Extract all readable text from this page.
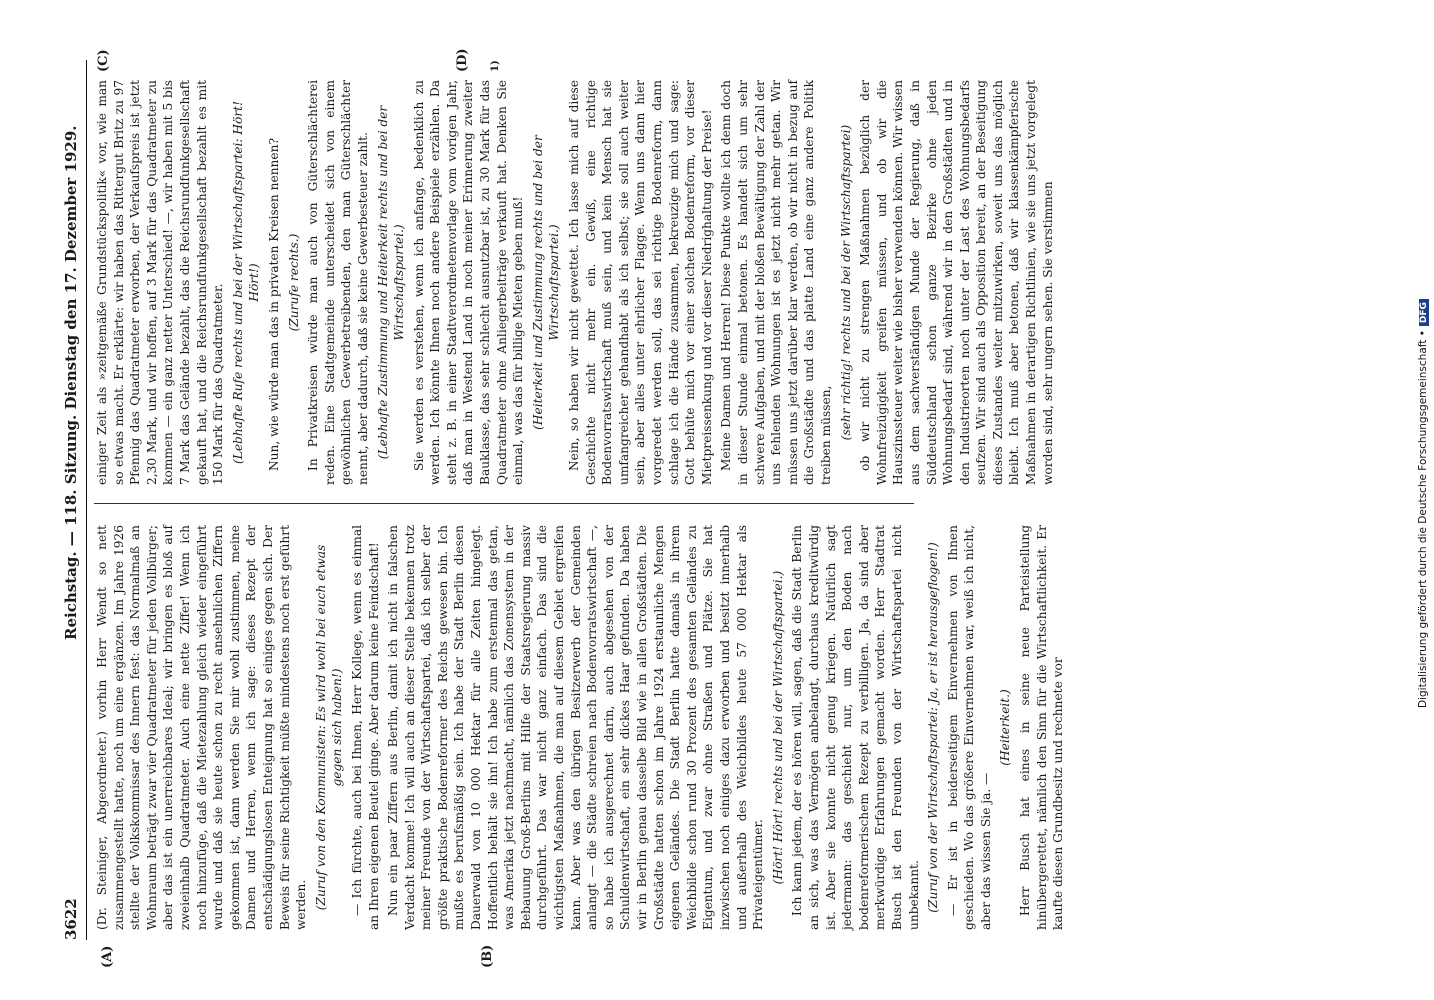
3622
Reichstag. — 118. Sitzung. Dienstag den 17. Dezember 1929.

(Dr. Steiniger, Abgeordneter.) vorhin Herr Wendt so nett zusammengestellt hatte, noch um eine ergänzen. Im Jahre 1926 stellte der Volkskommissar des Innern fest: das Normalmaß an Wohnraum beträgt zwar vier Quadratmeter für jeden Vollbürger; aber das ist ein unerreichbares Ideal; wir bringen es bloß auf zweieinhalb Quadratmeter. Auch eine nette Ziffer! Wenn ich noch hinzufüge, daß die Mietezahlung gleich wieder eingeführt wurde und daß sie heute schon zu recht ansehnlichen Ziffern gekommen ist, dann werden Sie mir wohl zustimmen, meine Damen und Herren, wenn ich sage: dieses Rezept der entschädigungslosen Enteignung hat so einiges gegen sich. Der Beweis für seine Richtigkeit müßte mindestens noch erst geführt werden. (Zuruf von den Kommunisten: Es wird wohl bei euch etwas gegen sich haben!) — Ich fürchte, auch bei Ihnen, Herr Kollege, wenn es einmal an Ihren eigenen Beutel ginge. Aber darum keine Feindschaft! Nun ein paar Ziffern aus Berlin, damit ich nicht in falschen Verdacht komme! Ich will auch an dieser Stelle bekennen trotz meiner Freunde von der Wirtschaftspartei, daß ich selber der größte praktische Bodenreformer des Reichs gewesen bin. Ich mußte es berufsmäßig sein. Ich habe der Stadt Berlin diesen Dauerwald von 10 000 Hektar für alle Zeiten hingelegt. Hoffentlich behält sie ihn! Ich habe zum erstenmal das getan, was Amerika jetzt nachmacht, nämlich das Zonensystem in der Bebauung Groß-Berlins mit Hilfe der Staatsregierung massiv durchgeführt. Das war nicht ganz einfach. Das sind die wichtigsten Maßnahmen, die man auf diesem Gebiet ergreifen kann. Aber was den übrigen Besitzerwerb der Gemeinden anlangt — die Städte schreien nach Bodenvorratswirtschaft —, so habe ich ausgerechnet darin, auch abgesehen von der Schuldenwirtschaft, ein sehr dickes Haar gefunden. Da haben wir in Berlin genau dasselbe Bild wie in allen Großstädten. Die Großstädte hatten schon im Jahre 1924 erstaunliche Mengen eigenen Geländes. Die Stadt Berlin hatte damals in ihrem Weichbilde schon rund 30 Prozent des gesamten Geländes zu Eigentum, und zwar ohne Straßen und Plätze. Sie hat inzwischen noch einiges dazu erworben und besitzt innerhalb und außerhalb des Weichbildes heute 57 000 Hektar als Privateigentümer. (Hört! Hört! rechts und bei der Wirtschaftspartei.) Ich kann jedem, der es hören will, sagen, daß die Stadt Berlin an sich, was das Vermögen anbelangt, durchaus kreditwürdig ist. Aber sie konnte nicht genug kriegen. Natürlich sagt jedermann: das geschieht nur, um den Boden nach bodenreformerischem Rezept zu verbilligen. Ja, da sind aber merkwürdige Erfahrungen gemacht worden. Herr Stadtrat Busch ist den Freunden von der Wirtschaftspartei nicht unbekannt. (Zuruf von der Wirtschaftspartei: Ja, er ist herausgeflogen!) — Er ist in beiderseitigem Einvernehmen von Ihnen geschieden. Wo das größere Einvernehmen war, weiß ich nicht, aber das wissen Sie ja. —

(Heiterkeit.) Herr Busch hat eines in seine neue Parteistellung hinübergerettet, nämlich den Sinn für die Wirtschaftlichkeit. Er kaufte diesen Grundbesitz und rechnete vor

einiger Zeit als »zeitgemäße Grundstückspolitik« vor, wie man so etwas macht. Er erklärte: wir haben das Rittergut Britz zu 97 Pfennig das Quadratmeter erworben, der Verkaufspreis ist jetzt 2,30 Mark, und wir hoffen, auf 3 Mark für das Quadratmeter zu kommen — ein ganz netter Unterschied! —, wir haben mit 5 bis 7 Mark das Gelände bezahlt, das die Reichsrundfunkgesellschaft gekauft hat, und die Reichsrundfunkgesellschaft bezahlt es mit 150 Mark für das Quadratmeter. (Lebhafte Rufe rechts und bei der Wirtschaftspartei: Hört! Hört!) Nun, wie würde man das in privaten Kreisen nennen? (Zurufe rechts.) In Privatkreisen würde man auch von Güterschlächterei reden. Eine Stadtgemeinde unterscheidet sich von einem gewöhnlichen Gewerbetreibenden, den man Güterschlächter nennt, aber dadurch, daß sie keine Gewerbesteuer zahlt. (Lebhafte Zustimmung und Heiterkeit rechts und bei der Wirtschaftspartei.) Sie werden es verstehen, wenn ich anfange, bedenklich zu werden. Ich könnte Ihnen noch andere Beispiele erzählen. Da steht z. B. in einer Stadtverordnetenvorlage vom vorigen Jahr, daß man in Westend Land in noch meiner Erinnerung zweiter Bauklasse, das sehr schlecht ausnutzbar ist, zu 30 Mark für das Quadratmeter ohne Anliegerbeiträge verkauft hat. Denken Sie einmal, was das für billige Mieten geben muß! (Heiterkeit und Zustimmung rechts und bei der Wirtschaftspartei.) Nein, so haben wir nicht gewettet. Ich lasse mich auf diese Geschichte nicht mehr ein. Gewiß, eine richtige Bodenvorratswirtschaft muß sein, und kein Mensch hat sie umfangreicher gehandhabt als ich selbst; sie soll auch weiter sein, aber alles unter ehrlicher Flagge. Wenn uns dann hier vorgeredet werden soll, das sei richtige Bodenreform, dann schlage ich die Hände zusammen, bekreuzige mich und sage: Gott behüte mich vor einer solchen Bodenreform, vor dieser Mietpreissenkung und vor dieser Niedrighaltung der Preise! Meine Damen und Herren! Diese Punkte wollte ich denn doch in dieser Stunde einmal betonen. Es handelt sich um sehr schwere Aufgaben, und mit der bloßen Bewältigung der Zahl der uns fehlenden Wohnungen ist es jetzt nicht mehr getan. Wir müssen uns jetzt darüber klar werden, ob wir nicht in bezug auf die Großstädte und das platte Land eine ganz andere Politik treiben müssen, (sehr richtig! rechts und bei der Wirtschaftspartei) ob wir nicht zu strengen Maßnahmen bezüglich der Wohnfreizügigkeit greifen müssen, und ob wir die Hauszinssteuer weiter wie bisher verwenden können. Wir wissen aus dem sachverständigen Munde der Regierung, daß in Süddeutschland schon ganze Bezirke ohne jeden Wohnungsbedarf sind, während wir in den Großstädten und in den Industrieorten noch unter der Last des Wohnungsbedarfs seufzen. Wir sind auch als Opposition bereit, an der Beseitigung dieses Zustandes weiter mitzuwirken, soweit uns das möglich bleibt. Ich muß aber betonen, daß wir klassenkämpferische Maßnahmen in derartigen Richtlinien, wie sie uns jetzt vorgelegt worden sind, sehr ungern sehen. Sie verstimmen

(A)	(B)
(C)	(D) 1)
Digitalisierung gefördert durch die Deutsche Forschungsgemeinschaft •DFG
